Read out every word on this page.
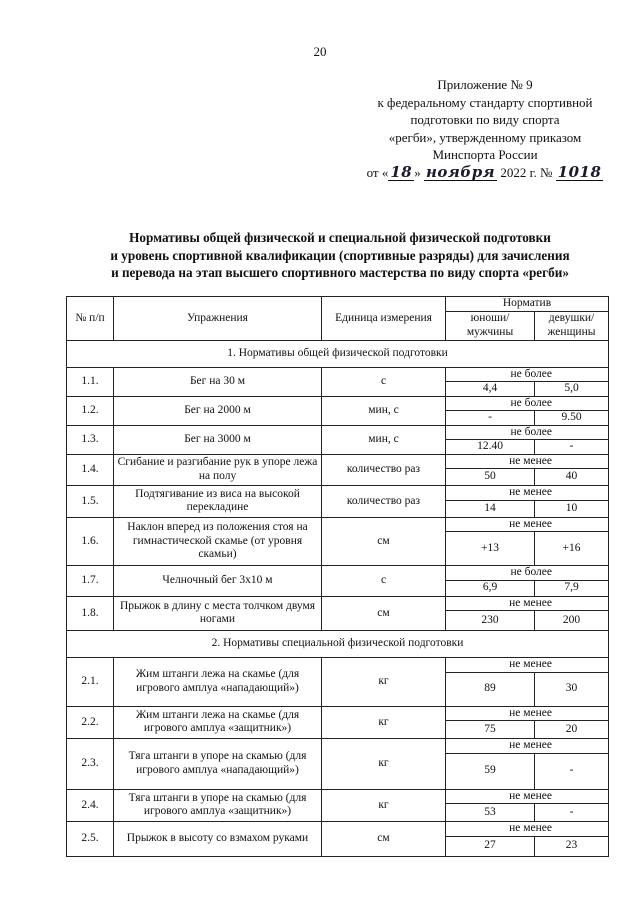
20
Приложение № 9
к федеральному стандарту спортивной
подготовки по виду спорта
«регби», утвержденному приказом
Минспорта России
от « 18 » ноября 2022 г. № 1018
Нормативы общей физической и специальной физической подготовки
и уровень спортивной квалификации (спортивные разряды) для зачисления
и перевода на этап высшего спортивного мастерства по виду спорта «регби»
№ п/п	Упражнения	Единица измерения	Норматив	
			юноши/ мужчины	девушки/ женщины
1. Нормативы общей физической подготовки				
1.1.	Бег на 30 м	с	не более	
			4,4	5,0
1.2.	Бег на 2000 м	мин, с	не более	
			-	9.50
1.3.	Бег на 3000 м	мин, с	не более	
			12.40	-
1.4.	Сгибание и разгибание рук в упоре лежа на полу	количество раз	не менее	
			50	40
1.5.	Подтягивание из виса на высокой перекладине	количество раз	не менее	
			14	10
1.6.	Наклон вперед из положения стоя на гимнастической скамье (от уровня скамьи)	см	не менее	
			+13	+16
1.7.	Челночный бег 3x10 м	с	не более	
			6,9	7,9
1.8.	Прыжок в длину с места толчком двумя ногами	см	не менее	
			230	200
2. Нормативы специальной физической подготовки				
2.1.	Жим штанги лежа на скамье (для игрового амплуа «нападающий»)	кг	не менее	
			89	30
2.2.	Жим штанги лежа на скамье (для игрового амплуа «защитник»)	кг	не менее	
			75	20
2.3.	Тяга штанги в упоре на скамью (для игрового амплуа «нападающий»)	кг	не менее	
			59	-
2.4.	Тяга штанги в упоре на скамью (для игрового амплуа «защитник»)	кг	не менее	
			53	-
2.5.	Прыжок в высоту со взмахом руками	см	не менее	
			27	23
